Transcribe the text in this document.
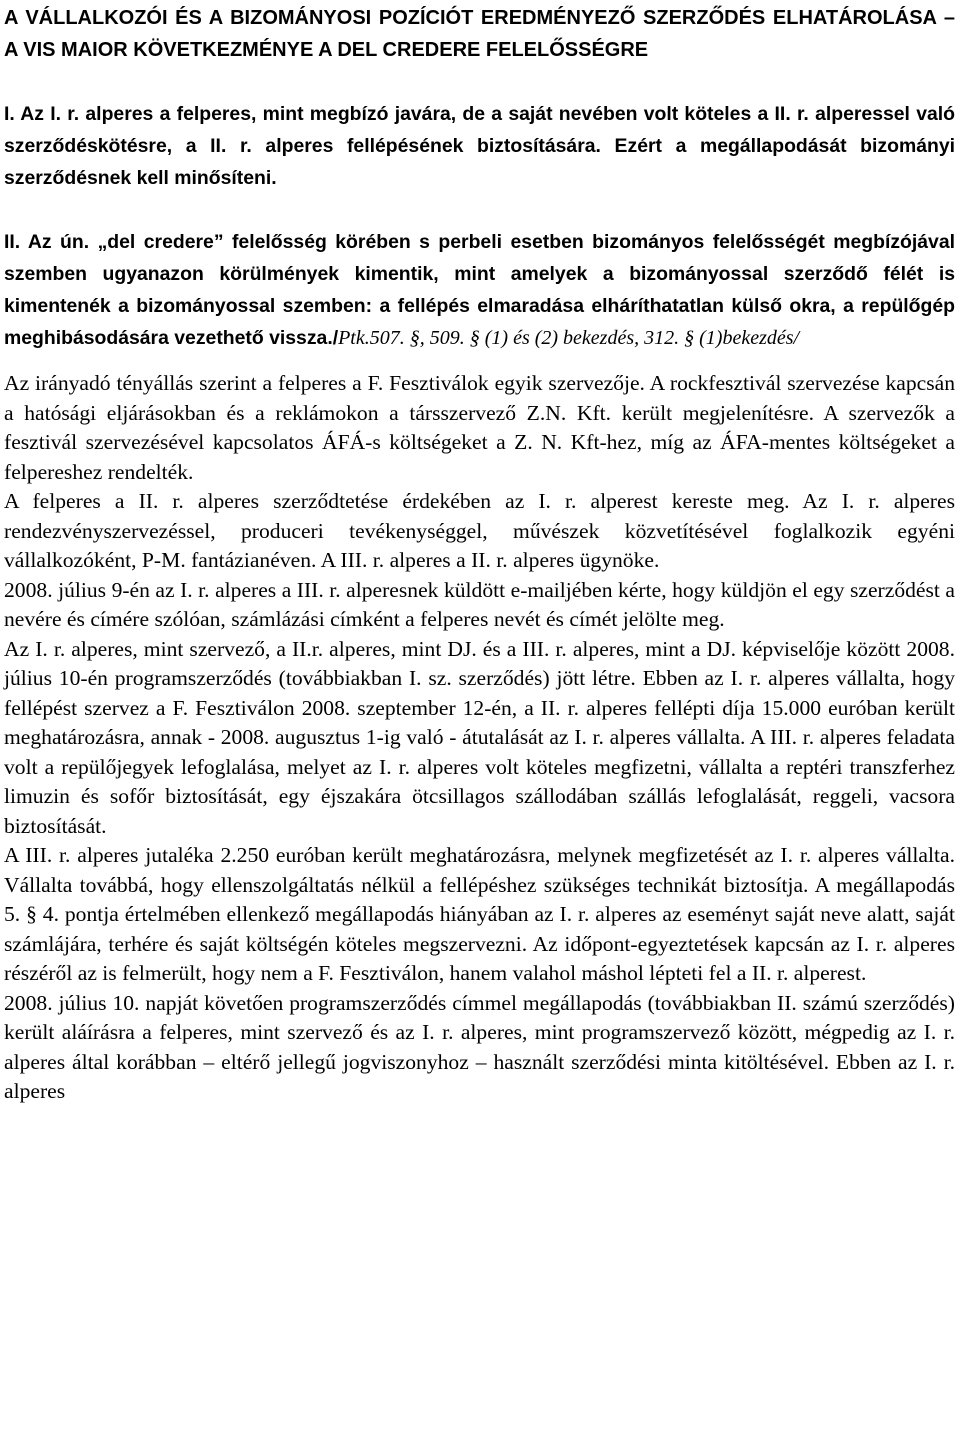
A VÁLLALKOZÓI ÉS A BIZOMÁNYOSI POZÍCIÓT EREDMÉNYEZŐ SZERZŐDÉS ELHATÁROLÁSA – A VIS MAIOR KÖVETKEZMÉNYE A DEL CREDERE FELELŐSSÉGRE

I. Az I. r. alperes a felperes, mint megbízó javára, de a saját nevében volt köteles a II. r. alperessel való szerződéskötésre, a II. r. alperes fellépésének biztosítására. Ezért a megállapodását bizományi szerződésnek kell minősíteni.

II. Az ún. „del credere” felelősség körében s perbeli esetben bizományos felelősségét megbízójával szemben ugyanazon körülmények kimentik, mint amelyek a bizományossal szerződő félét is kimentenék a bizományossal szemben: a fellépés elmaradása elháríthatatlan külső okra, a repülőgép meghibásodására vezethető vissza./Ptk.507. §, 509. § (1) és (2) bekezdés, 312. § (1)bekezdés/

Az irányadó tényállás szerint a felperes a F. Fesztiválok egyik szervezője. A rockfesztivál szervezése kapcsán a hatósági eljárásokban és a reklámokon a társszervező Z.N. Kft. került megjelenítésre. A szervezők a fesztivál szervezésével kapcsolatos ÁFÁ-s költségeket a Z. N. Kft-hez, míg az ÁFA-mentes költségeket a felpereshez rendelték.

A felperes a II. r. alperes szerződtetése érdekében az I. r. alperest kereste meg. Az I. r. alperes rendezvényszervezéssel, produceri tevékenységgel, művészek közvetítésével foglalkozik egyéni vállalkozóként, P-M. fantázianéven. A III. r. alperes a II. r. alperes ügynöke.

2008. július 9-én az I. r. alperes a III. r. alperesnek küldött e-mailjében kérte, hogy küldjön el egy szerződést a nevére és címére szólóan, számlázási címként a felperes nevét és címét jelölte meg.

Az I. r. alperes, mint szervező, a II.r. alperes, mint DJ. és a III. r. alperes, mint a DJ. képviselője között 2008. július 10-én programszerződés (továbbiakban I. sz. szerződés) jött létre. Ebben az I. r. alperes vállalta, hogy fellépést szervez a F. Fesztiválon 2008. szeptember 12-én, a II. r. alperes fellépti díja 15.000 euróban került meghatározásra, annak - 2008. augusztus 1-ig való - átutalását az I. r. alperes vállalta. A III. r. alperes feladata volt a repülőjegyek lefoglalása, melyet az I. r. alperes volt köteles megfizetni, vállalta a reptéri transzferhez limuzin és sofőr biztosítását, egy éjszakára ötcsillagos szállodában szállás lefoglalását, reggeli, vacsora biztosítását.

A III. r. alperes jutaléka 2.250 euróban került meghatározásra, melynek megfizetését az I. r. alperes vállalta. Vállalta továbbá, hogy ellenszolgáltatás nélkül a fellépéshez szükséges technikát biztosítja. A megállapodás 5. § 4. pontja értelmében ellenkező megállapodás hiányában az I. r. alperes az eseményt saját neve alatt, saját számlájára, terhére és saját költségén köteles megszervezni. Az időpont-egyeztetések kapcsán az I. r. alperes részéről az is felmerült, hogy nem a F. Fesztiválon, hanem valahol máshol lépteti fel a II. r. alperest.

2008. július 10. napját követően programszerződés címmel megállapodás (továbbiakban II. számú szerződés) került aláírásra a felperes, mint szervező és az I. r. alperes, mint programszervező között, mégpedig az I. r. alperes által korábban – eltérő jellegű jogviszonyhoz – használt szerződési minta kitöltésével. Ebben az I. r. alperes
